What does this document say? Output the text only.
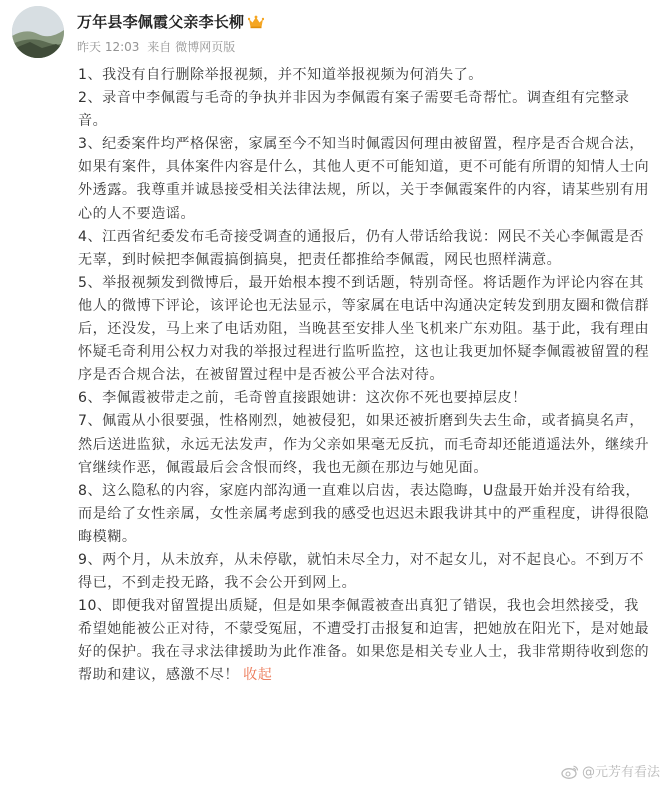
万年县李佩霞父亲李长柳
昨天 12:03 来自 微博网页版

1、我没有自行删除举报视频，并不知道举报视频为何消失了。

2、录音中李佩霞与毛奇的争执并非因为李佩霞有案子需要毛奇帮忙。调查组有完整录音。

3、纪委案件均严格保密，家属至今不知当时佩霞因何理由被留置，程序是否合规合法，如果有案件，具体案件内容是什么，其他人更不可能知道，更不可能有所谓的知情人士向外透露。我尊重并诚恳接受相关法律法规，所以，关于李佩霞案件的内容，请某些别有用心的人不要造谣。

4、江西省纪委发布毛奇接受调查的通报后，仍有人带话给我说：网民不关心李佩霞是否无辜，到时候把李佩霞搞倒搞臭，把责任都推给李佩霞，网民也照样满意。

5、举报视频发到微博后，最开始根本搜不到话题，特别奇怪。将话题作为评论内容在其他人的微博下评论，该评论也无法显示，等家属在电话中沟通决定转发到朋友圈和微信群后，还没发，马上来了电话劝阻，当晚甚至安排人坐飞机来广东劝阻。基于此，我有理由怀疑毛奇利用公权力对我的举报过程进行监听监控，这也让我更加怀疑李佩霞被留置的程序是否合规合法，在被留置过程中是否被公平合法对待。

6、李佩霞被带走之前，毛奇曾直接跟她讲：这次你不死也要掉层皮！

7、佩霞从小很要强，性格刚烈，她被侵犯，如果还被折磨到失去生命，或者搞臭名声，然后送进监狱，永远无法发声，作为父亲如果毫无反抗，而毛奇却还能逍遥法外，继续升官继续作恶，佩霞最后会含恨而终，我也无颜在那边与她见面。

8、这么隐私的内容，家庭内部沟通一直难以启齿，表达隐晦，U盘最开始并没有给我，而是给了女性亲属，女性亲属考虑到我的感受也迟迟未跟我讲其中的严重程度，讲得很隐晦模糊。

9、两个月，从未放弃，从未停歇，就怕未尽全力，对不起女儿，对不起良心。不到万不得已，不到走投无路，我不会公开到网上。

10、即便我对留置提出质疑，但是如果李佩霞被查出真犯了错误，我也会坦然接受，我希望她能被公正对待，不蒙受冤屈，不遭受打击报复和迫害，把她放在阳光下，是对她最好的保护。我在寻求法律援助为此作准备。如果您是相关专业人士，我非常期待收到您的帮助和建议，感激不尽！ 收起

@元芳有看法
